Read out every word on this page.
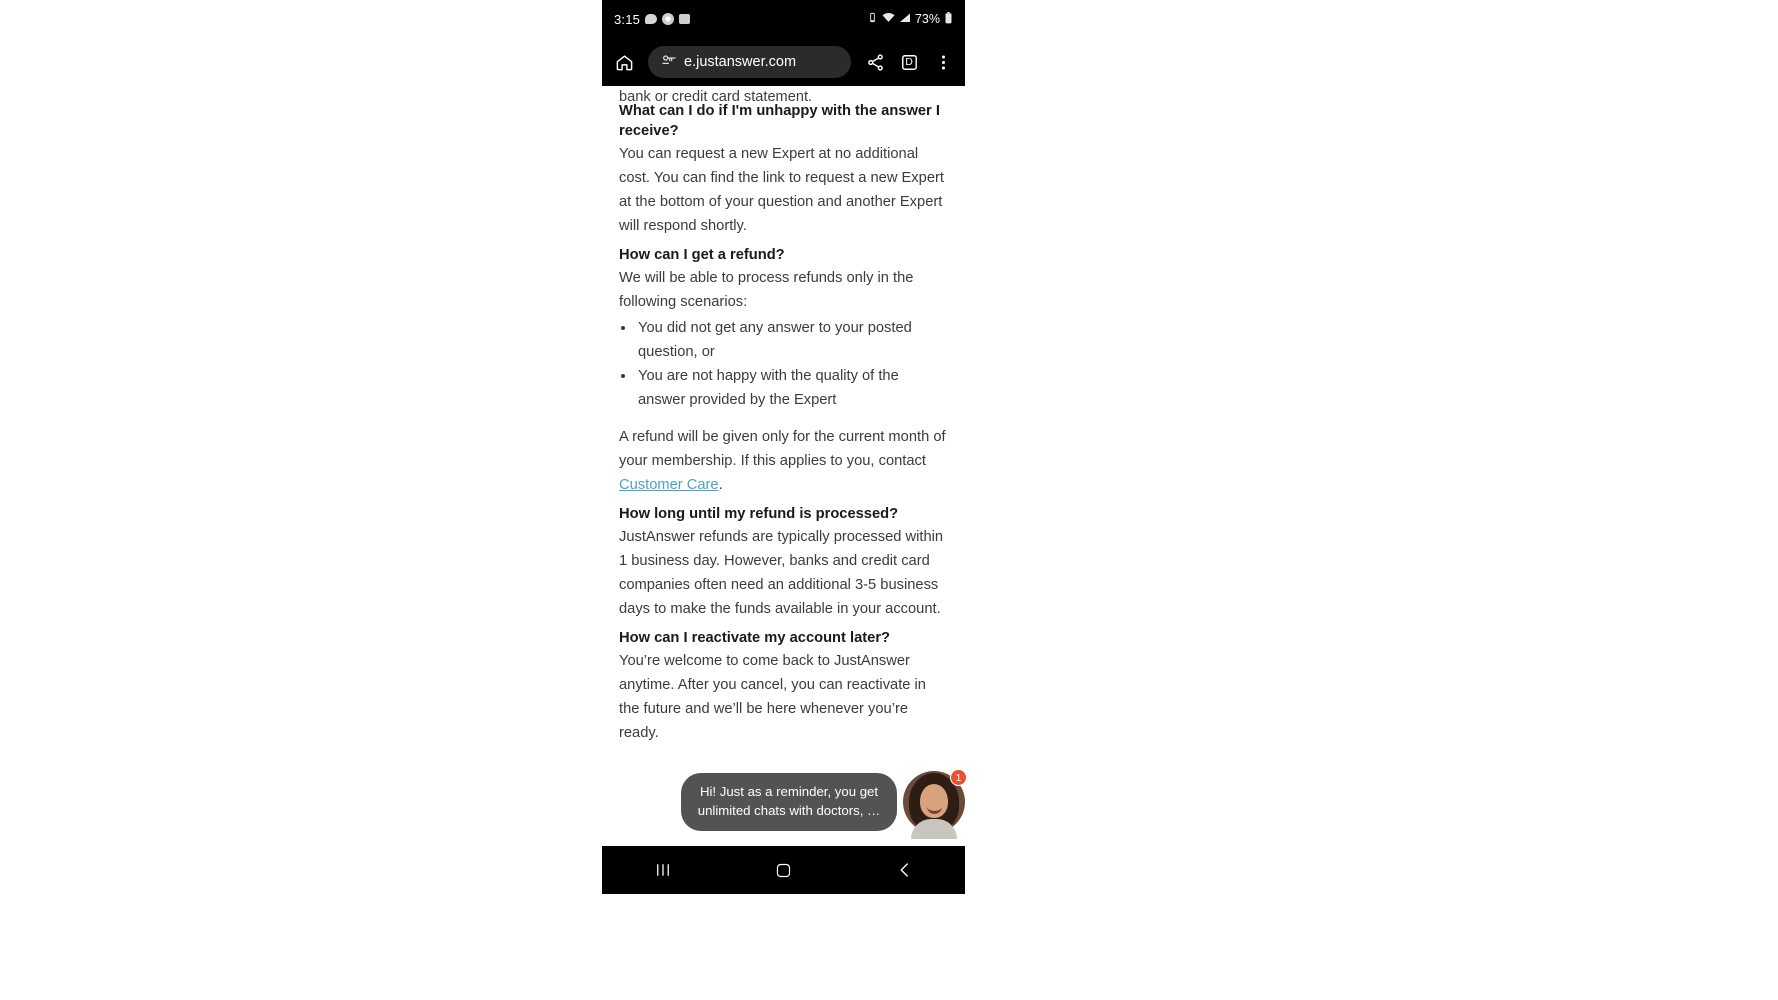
3:15	73%
e.justanswer.com	D
bank or credit card statement.
What can I do if I'm unhappy with the answer I receive?

You can request a new Expert at no additional cost. You can find the link to request a new Expert at the bottom of your question and another Expert will respond shortly.

How can I get a refund?

We will be able to process refunds only in the following scenarios:

• You did not get any answer to your posted question, or
• You are not happy with the quality of the answer provided by the Expert

A refund will be given only for the current month of your membership. If this applies to you, contact Customer Care.

How long until my refund is processed?

JustAnswer refunds are typically processed within 1 business day. However, banks and credit card companies often need an additional 3-5 business days to make the funds available in your account.

How can I reactivate my account later?

You’re welcome to come back to JustAnswer anytime. After you cancel, you can reactivate in the future and we’ll be here whenever you’re ready.

Hi! Just as a reminder, you get unlimited chats with doctors, …
1
